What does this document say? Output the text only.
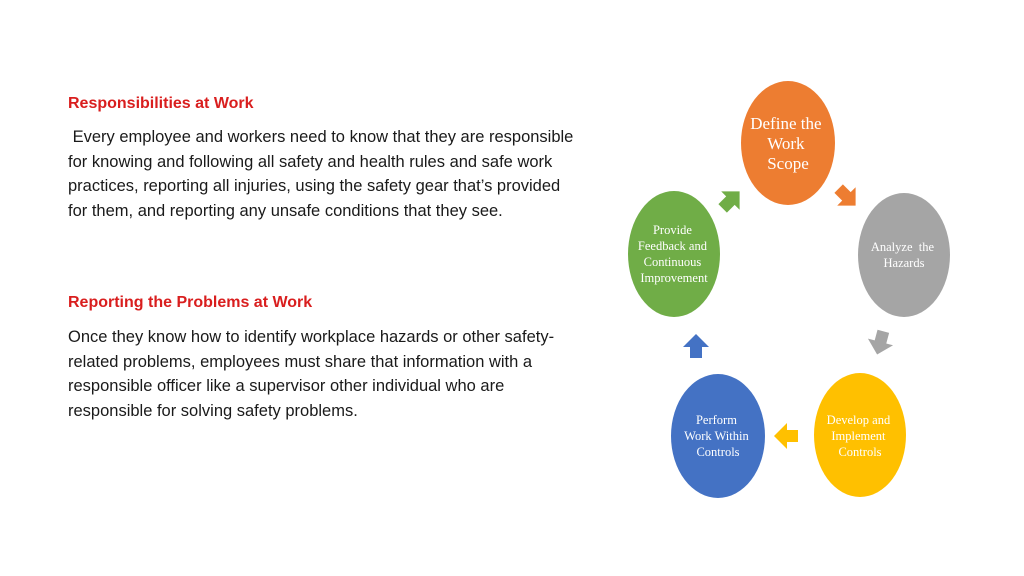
Responsibilities at Work
Every employee and workers need to know that they are responsible
for knowing and following all safety and health rules and safe work
practices, reporting all injuries, using the safety gear that’s provided
for them, and reporting any unsafe conditions that they see.
Reporting the Problems at Work
Once they know how to identify workplace hazards or other safety-
related problems, employees must share that information with a
responsible officer like a supervisor other individual who are
responsible for solving safety problems.
Define the Work Scope
Analyze  the Hazards
Develop and Implement Controls
Perform Work Within Controls
Provide Feedback and Continuous Improvement
